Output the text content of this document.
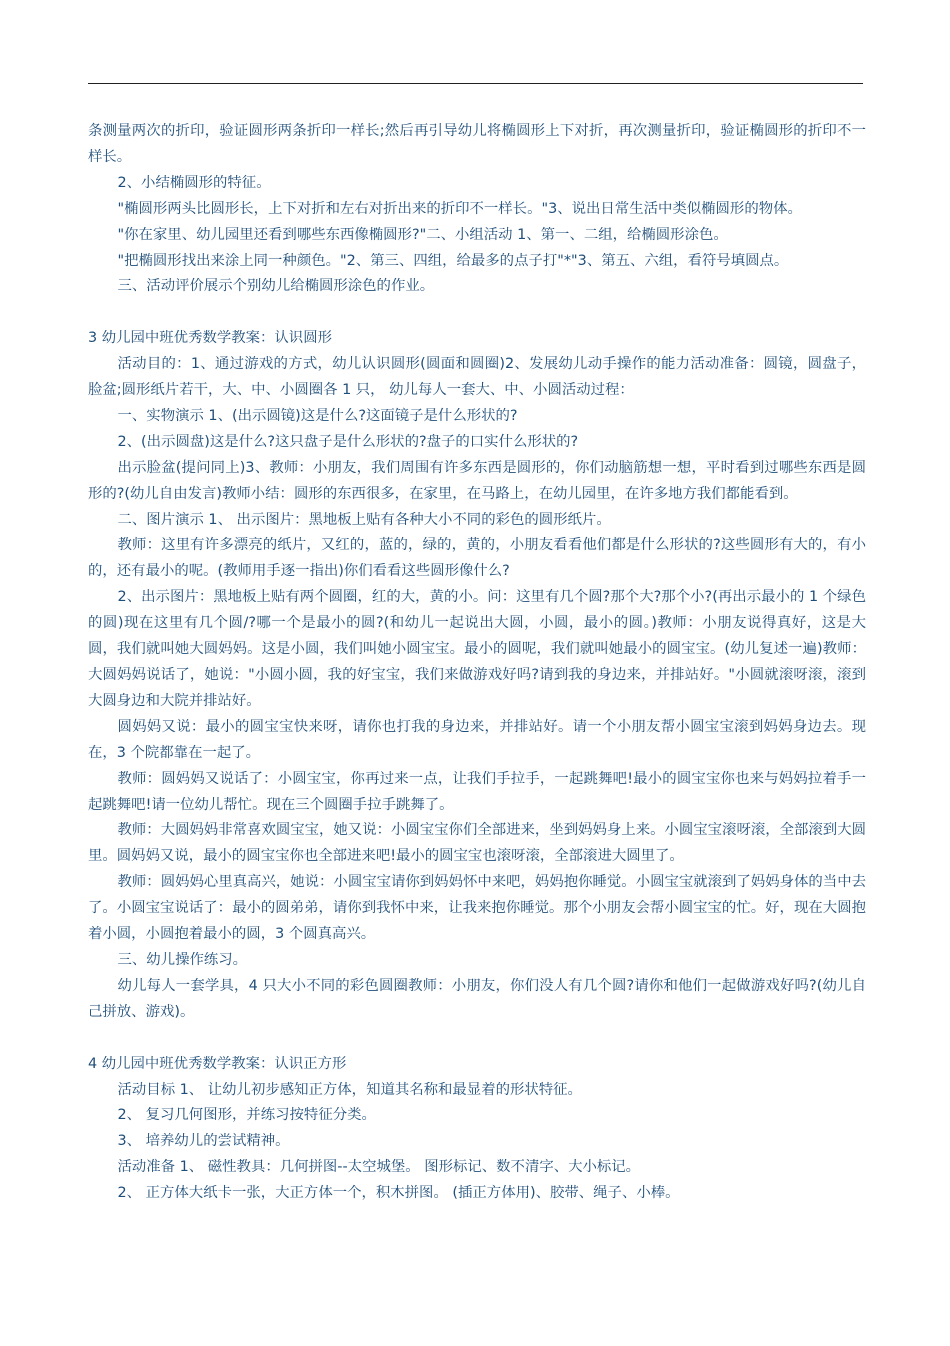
条测量两次的折印，验证圆形两条折印一样长;然后再引导幼儿将椭圆形上下对折，再次测量折印，验证椭圆形的折印不一样长。

2、小结椭圆形的特征。

"椭圆形两头比圆形长，上下对折和左右对折出来的折印不一样长。"3、说出日常生活中类似椭圆形的物体。

"你在家里、幼儿园里还看到哪些东西像椭圆形?"二、小组活动 1、第一、二组，给椭圆形涂色。

"把椭圆形找出来涂上同一种颜色。"2、第三、四组，给最多的点子打"*"3、第五、六组，看符号填圆点。

三、活动评价展示个别幼儿给椭圆形涂色的作业。

3 幼儿园中班优秀数学教案：认识圆形

活动目的：1、通过游戏的方式，幼儿认识圆形(圆面和圆圈)2、发展幼儿动手操作的能力活动准备：圆镜，圆盘子，脸盆;圆形纸片若干，大、中、小圆圈各 1 只， 幼儿每人一套大、中、小圆活动过程：

一、实物演示 1、(出示圆镜)这是什么?这面镜子是什么形状的?

2、(出示圆盘)这是什么?这只盘子是什么形状的?盘子的口实什么形状的?

出示脸盆(提问同上)3、教师：小朋友，我们周围有许多东西是圆形的，你们动脑筋想一想，平时看到过哪些东西是圆形的?(幼儿自由发言)教师小结：圆形的东西很多，在家里，在马路上，在幼儿园里，在许多地方我们都能看到。

二、图片演示 1、 出示图片：黑地板上贴有各种大小不同的彩色的圆形纸片。

教师：这里有许多漂亮的纸片，又红的，蓝的，绿的，黄的，小朋友看看他们都是什么形状的?这些圆形有大的，有小的，还有最小的呢。(教师用手逐一指出)你们看看这些圆形像什么?

2、出示图片：黑地板上贴有两个圆圈，红的大，黄的小。问：这里有几个圆?那个大?那个小?(再出示最小的 1 个绿色的圆)现在这里有几个圆/?哪一个是最小的圆?(和幼儿一起说出大圆，小圆，最小的圆。)教师：小朋友说得真好，这是大圆，我们就叫她大圆妈妈。这是小圆，我们叫她小圆宝宝。最小的圆呢，我们就叫她最小的圆宝宝。(幼儿复述一遍)教师：大圆妈妈说话了，她说："小圆小圆，我的好宝宝，我们来做游戏好吗?请到我的身边来，并排站好。"小圆就滚呀滚，滚到大圆身边和大院并排站好。

圆妈妈又说：最小的圆宝宝快来呀，请你也打我的身边来，并排站好。请一个小朋友帮小圆宝宝滚到妈妈身边去。现在，3 个院都靠在一起了。

教师：圆妈妈又说话了：小圆宝宝，你再过来一点，让我们手拉手，一起跳舞吧!最小的圆宝宝你也来与妈妈拉着手一起跳舞吧!请一位幼儿帮忙。现在三个圆圈手拉手跳舞了。

教师：大圆妈妈非常喜欢圆宝宝，她又说：小圆宝宝你们全部进来，坐到妈妈身上来。小圆宝宝滚呀滚，全部滚到大圆里。圆妈妈又说，最小的圆宝宝你也全部进来吧!最小的圆宝宝也滚呀滚，全部滚进大圆里了。

教师：圆妈妈心里真高兴，她说：小圆宝宝请你到妈妈怀中来吧，妈妈抱你睡觉。小圆宝宝就滚到了妈妈身体的当中去了。小圆宝宝说话了：最小的圆弟弟，请你到我怀中来，让我来抱你睡觉。那个小朋友会帮小圆宝宝的忙。好，现在大圆抱着小圆，小圆抱着最小的圆，3 个圆真高兴。

三、幼儿操作练习。

幼儿每人一套学具，4 只大小不同的彩色圆圈教师：小朋友，你们没人有几个圆?请你和他们一起做游戏好吗?(幼儿自己拼放、游戏)。

4 幼儿园中班优秀数学教案：认识正方形

活动目标 1、 让幼儿初步感知正方体，知道其名称和最显着的形状特征。

2、 复习几何图形，并练习按特征分类。

3、 培养幼儿的尝试精神。

活动准备 1、 磁性教具：几何拼图--太空城堡。 图形标记、数不清字、大小标记。

2、 正方体大纸卡一张，大正方体一个，积木拼图。 (插正方体用)、胶带、绳子、小棒。
